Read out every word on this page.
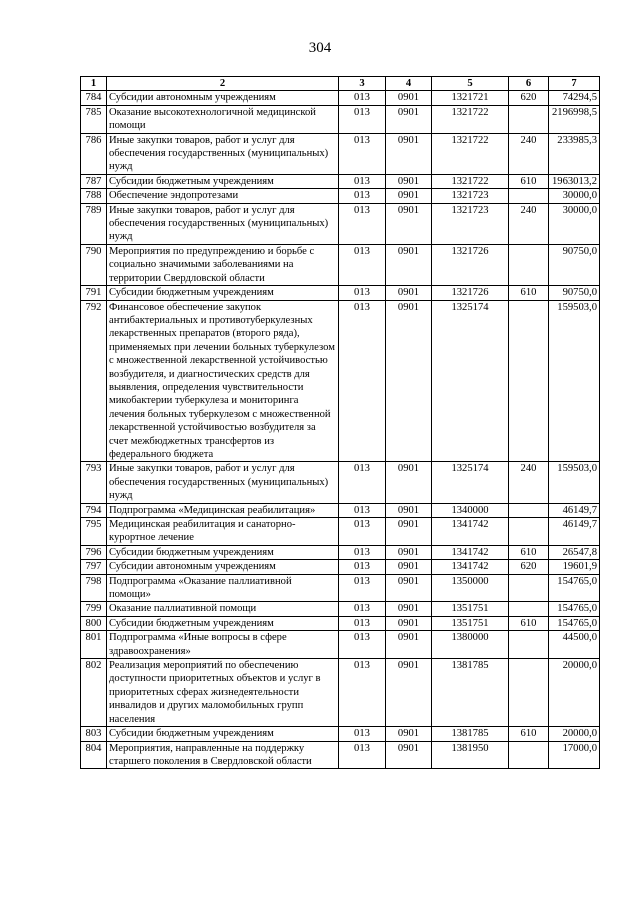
304
1	2	3	4	5	6	7
784	Субсидии автономным учреждениям	013	0901	1321721	620	74294,5
785	Оказание высокотехнологичной медицинской помощи	013	0901	1321722		2196998,5
786	Иные закупки товаров, работ и услуг для обеспечения государственных (муниципальных) нужд	013	0901	1321722	240	233985,3
787	Субсидии бюджетным учреждениям	013	0901	1321722	610	1963013,2
788	Обеспечение эндопротезами	013	0901	1321723		30000,0
789	Иные закупки товаров, работ и услуг для обеспечения государственных (муниципальных) нужд	013	0901	1321723	240	30000,0
790	Мероприятия по предупреждению и борьбе с социально значимыми заболеваниями на территории Свердловской области	013	0901	1321726		90750,0
791	Субсидии бюджетным учреждениям	013	0901	1321726	610	90750,0
792	Финансовое обеспечение закупок антибактериальных и противотуберкулезных лекарственных препаратов (второго ряда), применяемых при лечении больных туберкулезом с множественной лекарственной устойчивостью возбудителя, и диагностических средств для выявления, определения чувствительности микобактерии туберкулеза и мониторинга лечения больных туберкулезом с множественной лекарственной устойчивостью возбудителя за счет межбюджетных трансфертов из федерального бюджета	013	0901	1325174		159503,0
793	Иные закупки товаров, работ и услуг для обеспечения государственных (муниципальных) нужд	013	0901	1325174	240	159503,0
794	Подпрограмма «Медицинская реабилитация»	013	0901	1340000		46149,7
795	Медицинская реабилитация и санаторно-курортное лечение	013	0901	1341742		46149,7
796	Субсидии бюджетным учреждениям	013	0901	1341742	610	26547,8
797	Субсидии автономным учреждениям	013	0901	1341742	620	19601,9
798	Подпрограмма «Оказание паллиативной помощи»	013	0901	1350000		154765,0
799	Оказание паллиативной помощи	013	0901	1351751		154765,0
800	Субсидии бюджетным учреждениям	013	0901	1351751	610	154765,0
801	Подпрограмма «Иные вопросы в сфере здравоохранения»	013	0901	1380000		44500,0
802	Реализация мероприятий по обеспечению доступности приоритетных объектов и услуг в приоритетных сферах жизнедеятельности инвалидов и других маломобильных групп населения	013	0901	1381785		20000,0
803	Субсидии бюджетным учреждениям	013	0901	1381785	610	20000,0
804	Мероприятия, направленные на поддержку старшего поколения в Свердловской области	013	0901	1381950		17000,0
